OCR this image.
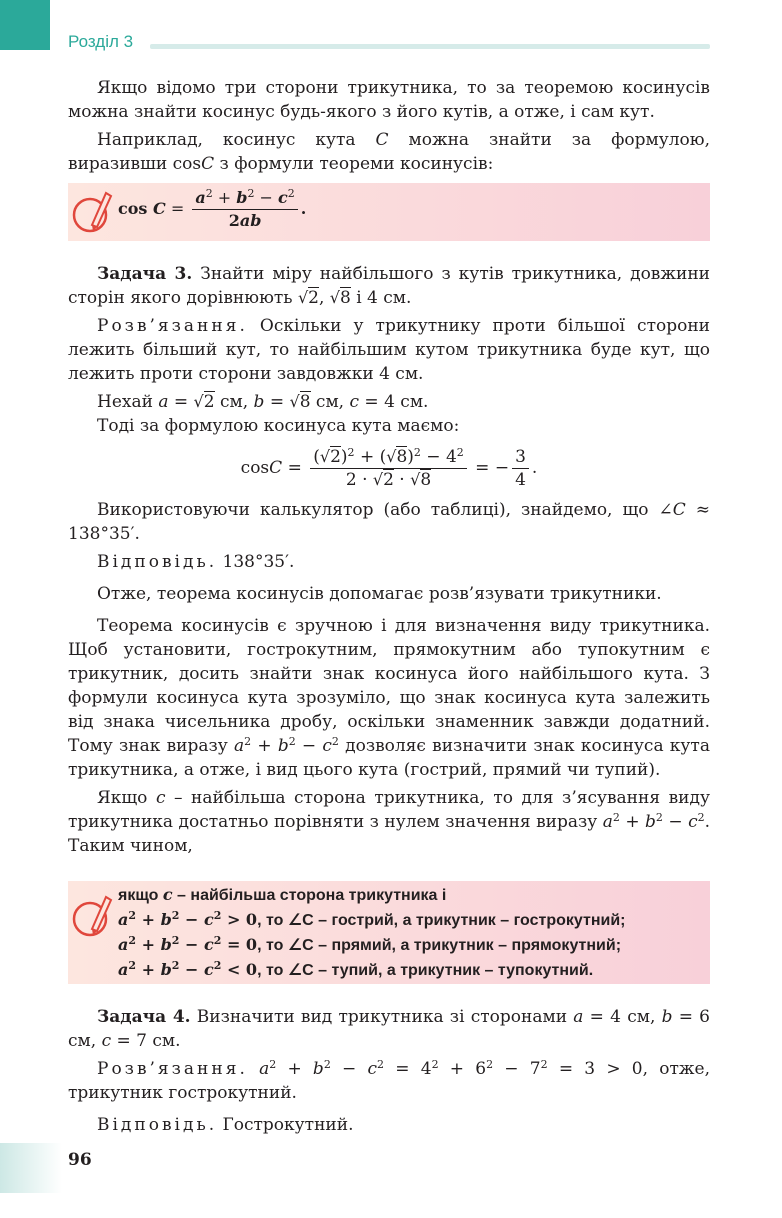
Розділ 3

Якщо відомо три сторони трикутника, то за теоремою косинусів можна знайти косинус будь-якого з його кутів, а отже, і сам кут.

Наприклад, косинус кута C можна знайти за формулою, виразивши cosC з формули теореми косинусів:

$\cos C = \frac{a^2 + b^2 - c^2}{2ab}$ .

Задача 3. Знайти міру найбільшого з кутів трикутника, довжини сторін якого дорівнюють √2, √8 і 4 см.

Розв’язання. Оскільки у трикутнику проти більшої сторони лежить більший кут, то найбільшим кутом трикутника буде кут, що лежить проти сторони завдовжки 4 см.

Нехай a = √2 см, b = √8 см, c = 4 см.

Тоді за формулою косинуса кута маємо:

$\cos C = \frac{(√2)^2 + (√8)^2 - 4^2}{2 \cdot √2 \cdot √8}$ = − $\frac{3}{4}$ .

Використовуючи калькулятор (або таблиці), знайдемо, що ∠C ≈ 138°35′.

Відповідь. 138°35′.

Отже, теорема косинусів допомагає розв’язувати трикутники.

Теорема косинусів є зручною і для визначення виду трикутника. Щоб установити, гострокутним, прямокутним або тупокутним є трикутник, досить знайти знак косинуса його найбільшого кута. З формули косинуса кута зрозуміло, що знак косинуса кута залежить від знака чисельника дробу, оскільки знаменник завжди додатний. Тому знак виразу $a^2 + b^2 - c^2$ дозволяє визначити знак косинуса кута трикутника, а отже, і вид цього кута (гострий, прямий чи тупий).

Якщо c – найбільша сторона трикутника, то для з’ясування виду трикутника достатньо порівняти з нулем значення виразу $a^2 + b^2 - c^2$. Таким чином,

якщо c – найбільша сторона трикутника і
$a^2 + b^2 - c^2 > 0$, то ∠C – гострий, а трикутник – гострокутний;
$a^2 + b^2 - c^2 = 0$, то ∠C – прямий, а трикутник – прямокутний;
$a^2 + b^2 - c^2 < 0$, то ∠C – тупий, а трикутник – тупокутний.

Задача 4. Визначити вид трикутника зі сторонами a = 4 см, b = 6 см, c = 7 см.

Розв’язання. $a^2 + b^2 - c^2 = 4^2 + 6^2 - 7^2 = 3 > 0$, отже, трикутник гострокутний.

Відповідь. Гострокутний.

96
